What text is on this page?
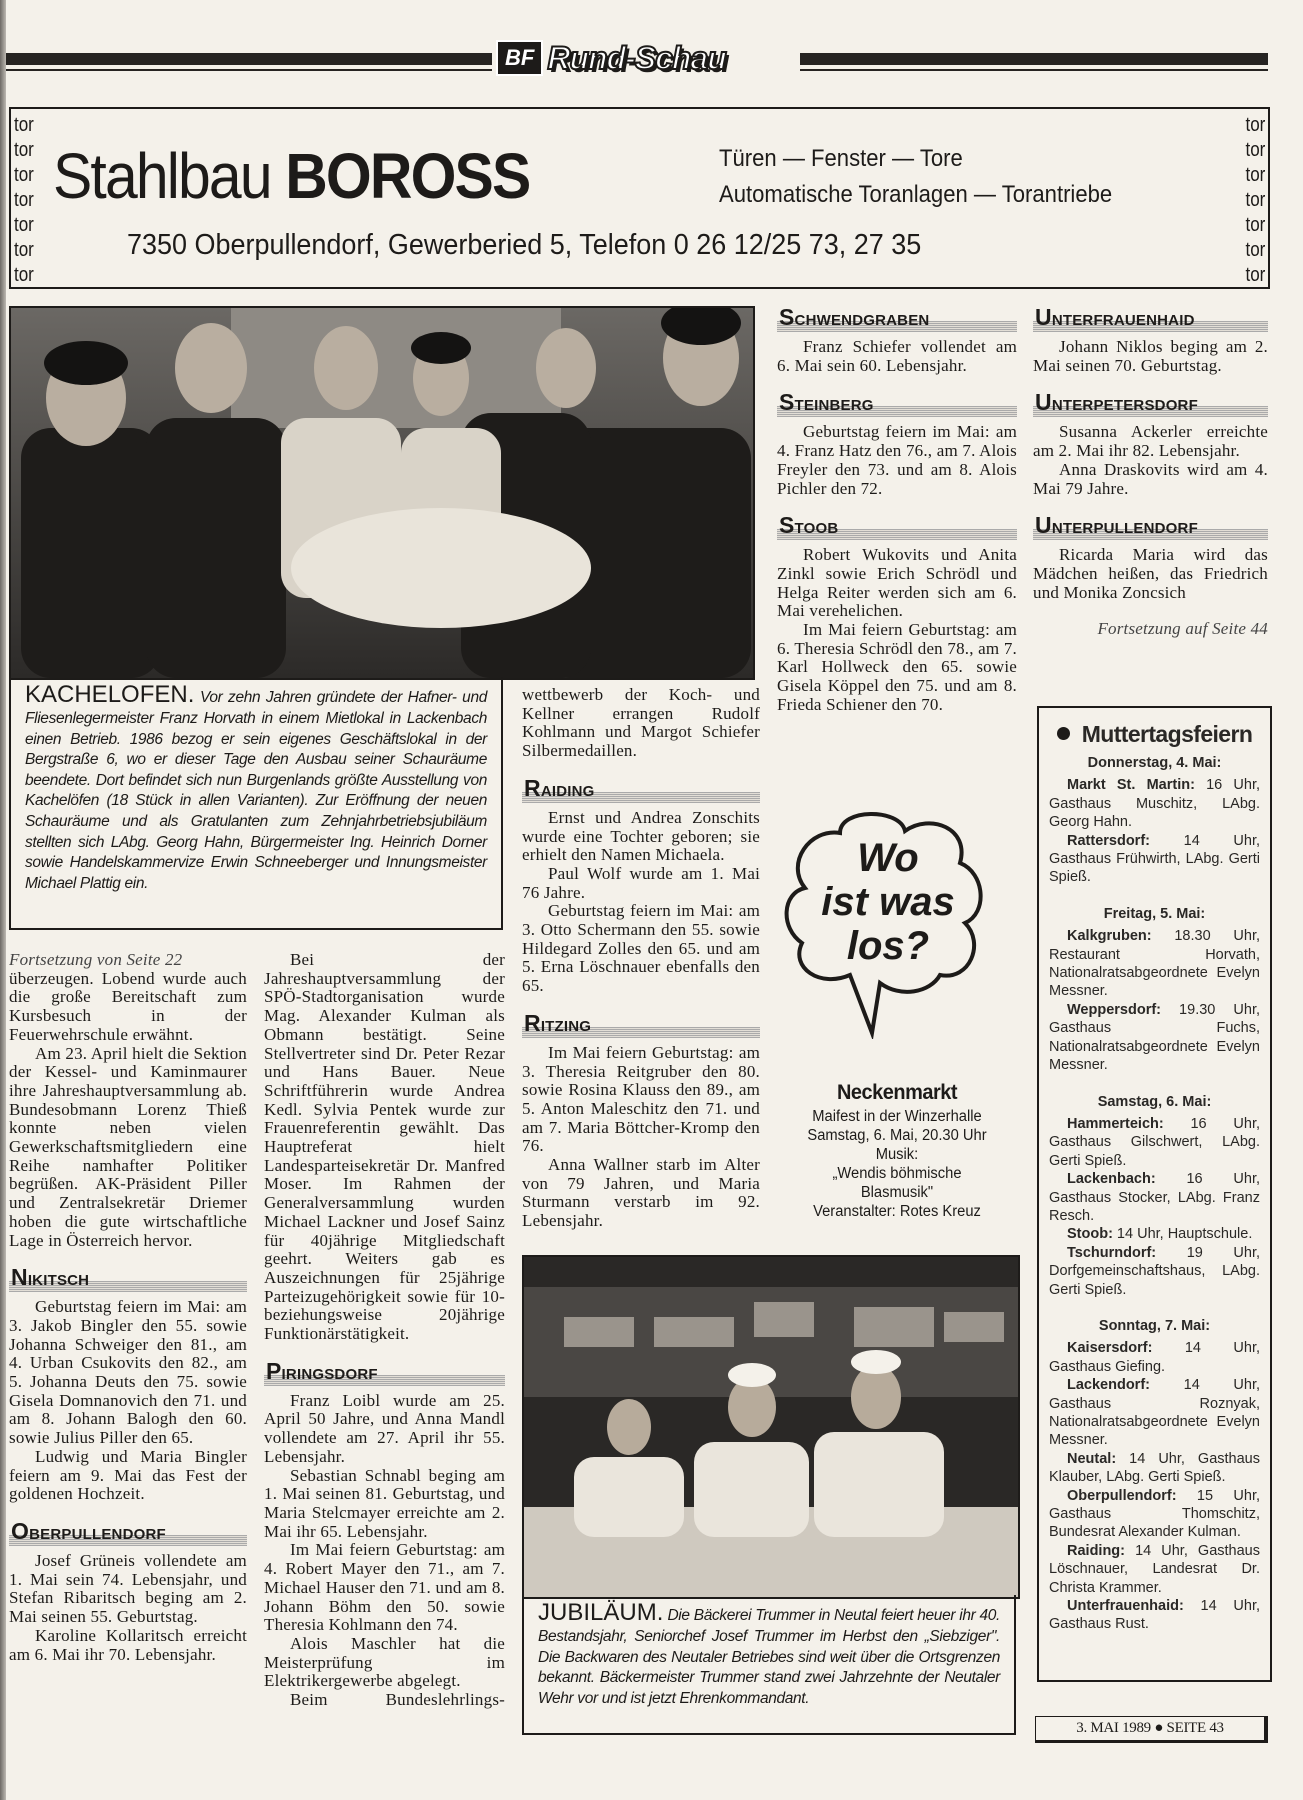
BF Rund-Schau
tor
tor
tor
tor
tor
tor
tor
tor
tor
tor
tor
tor
tor
tor
Stahlbau BOROSS	Türen — Fenster — Tore
Automatische Toranlagen — Torantriebe
7350 Oberpullendorf, Gewerberied 5, Telefon 0 26 12/25 73, 27 35
KACHELOFEN. Vor zehn Jahren gründete der Hafner- und Fliesenlegermeister Franz Horvath in einem Mietlokal in Lackenbach einen Betrieb. 1986 bezog er sein eigenes Geschäftslokal in der Bergstraße 6, wo er dieser Tage den Ausbau seiner Schauräume beendete. Dort befindet sich nun Burgenlands größte Ausstellung von Kachelöfen (18 Stück in allen Varianten). Zur Eröffnung der neuen Schauräume und als Gratulanten zum Zehnjahrbetriebsjubiläum stellten sich LAbg. Georg Hahn, Bürgermeister Ing. Heinrich Dorner sowie Handelskammervize Erwin Schneeberger und Innungsmeister Michael Plattig ein.

Fortsetzung von Seite 22

überzeugen. Lobend wurde auch die große Bereitschaft zum Kursbesuch in der Feuerwehrschule erwähnt.

Am 23. April hielt die Sektion der Kessel- und Kaminmaurer ihre Jahreshauptversammlung ab. Bundesobmann Lorenz Thieß konnte neben vielen Gewerkschaftsmitgliedern eine Reihe namhafter Politiker begrüßen. AK-Präsident Piller und Zentralsekretär Driemer hoben die gute wirtschaftliche Lage in Österreich hervor.

NIKITSCH

Geburtstag feiern im Mai: am 3. Jakob Bingler den 55. sowie Johanna Schweiger den 81., am 4. Urban Csukovits den 82., am 5. Johanna Deuts den 75. sowie Gisela Domnanovich den 71. und am 8. Johann Balogh den 60. sowie Julius Piller den 65.

Ludwig und Maria Bingler feiern am 9. Mai das Fest der goldenen Hochzeit.

OBERPULLENDORF

Josef Grüneis vollendete am 1. Mai sein 74. Lebensjahr, und Stefan Ribaritsch beging am 2. Mai seinen 55. Geburtstag.

Karoline Kollaritsch erreicht am 6. Mai ihr 70. Lebensjahr.

Bei der Jahreshauptversammlung der SPÖ-Stadtorganisation wurde Mag. Alexander Kulman als Obmann bestätigt. Seine Stellvertreter sind Dr. Peter Rezar und Hans Bauer. Neue Schriftführerin wurde Andrea Kedl. Sylvia Pentek wurde zur Frauenreferentin gewählt. Das Hauptreferat hielt Landesparteisekretär Dr. Manfred Moser. Im Rahmen der Generalversammlung wurden Michael Lackner und Josef Sainz für 40jährige Mitgliedschaft geehrt. Weiters gab es Auszeichnungen für 25jährige Parteizugehörigkeit sowie für 10- beziehungsweise 20jährige Funktionärstätigkeit.

PIRINGSDORF

Franz Loibl wurde am 25. April 50 Jahre, und Anna Mandl vollendete am 27. April ihr 55. Lebensjahr.

Sebastian Schnabl beging am 1. Mai seinen 81. Geburtstag, und Maria Stelcmayer erreichte am 2. Mai ihr 65. Lebensjahr.

Im Mai feiern Geburtstag: am 4. Robert Mayer den 71., am 7. Michael Hauser den 71. und am 8. Johann Böhm den 50. sowie Theresia Kohlmann den 74.

Alois Maschler hat die Meisterprüfung im Elektrikergewerbe abgelegt.

Beim Bundeslehrlings-

wettbewerb der Koch- und Kellner errangen Rudolf Kohlmann und Margot Schiefer Silbermedaillen.

RAIDING

Ernst und Andrea Zonschits wurde eine Tochter geboren; sie erhielt den Namen Michaela.

Paul Wolf wurde am 1. Mai 76 Jahre.

Geburtstag feiern im Mai: am 3. Otto Schermann den 55. sowie Hildegard Zolles den 65. und am 5. Erna Löschnauer ebenfalls den 65.

RITZING

Im Mai feiern Geburtstag: am 3. Theresia Reitgruber den 80. sowie Rosina Klauss den 89., am 5. Anton Maleschitz den 71. und am 7. Maria Böttcher-Kromp den 76.

Anna Wallner starb im Alter von 79 Jahren, und Maria Sturmann verstarb im 92. Lebensjahr.

SCHWENDGRABEN

Franz Schiefer vollendet am 6. Mai sein 60. Lebensjahr.

STEINBERG

Geburtstag feiern im Mai: am 4. Franz Hatz den 76., am 7. Alois Freyler den 73. und am 8. Alois Pichler den 72.

STOOB

Robert Wukovits und Anita Zinkl sowie Erich Schrödl und Helga Reiter werden sich am 6. Mai verehelichen.

Im Mai feiern Geburtstag: am 6. Theresia Schrödl den 78., am 7. Karl Hollweck den 65. sowie Gisela Köppel den 75. und am 8. Frieda Schiener den 70.

Wo
ist was
los?
Neckenmarkt
Maifest in der Winzerhalle
Samstag, 6. Mai, 20.30 Uhr
Musik:
„Wendis böhmische
Blasmusik"
Veranstalter: Rotes Kreuz
JUBILÄUM. Die Bäckerei Trummer in Neutal feiert heuer ihr 40. Bestandsjahr, Seniorchef Josef Trummer im Herbst den „Siebziger". Die Backwaren des Neutaler Betriebes sind weit über die Ortsgrenzen bekannt. Bäckermeister Trummer stand zwei Jahrzehnte der Neutaler Wehr vor und ist jetzt Ehrenkommandant.
UNTERFRAUENHAID

Johann Niklos beging am 2. Mai seinen 70. Geburtstag.

UNTERPETERSDORF

Susanna Ackerler erreichte am 2. Mai ihr 82. Lebensjahr.

Anna Draskovits wird am 4. Mai 79 Jahre.

UNTERPULLENDORF

Ricarda Maria wird das Mädchen heißen, das Friedrich und Monika Zoncsich

Fortsetzung auf Seite 44

Muttertagsfeiern
Donnerstag, 4. Mai:

Markt St. Martin: 16 Uhr, Gasthaus Muschitz, LAbg. Georg Hahn.

Rattersdorf: 14 Uhr, Gasthaus Frühwirth, LAbg. Gerti Spieß.

Freitag, 5. Mai:

Kalkgruben: 18.30 Uhr, Restaurant Horvath, Nationalratsabgeordnete Evelyn Messner.

Weppersdorf: 19.30 Uhr, Gasthaus Fuchs, Nationalratsabgeordnete Evelyn Messner.

Samstag, 6. Mai:

Hammerteich: 16 Uhr, Gasthaus Gilschwert, LAbg. Gerti Spieß.

Lackenbach: 16 Uhr, Gasthaus Stocker, LAbg. Franz Resch.

Stoob: 14 Uhr, Hauptschule.

Tschurndorf: 19 Uhr, Dorfgemeinschaftshaus, LAbg. Gerti Spieß.

Sonntag, 7. Mai:

Kaisersdorf: 14 Uhr, Gasthaus Giefing.

Lackendorf: 14 Uhr, Gasthaus Roznyak, Nationalratsabgeordnete Evelyn Messner.

Neutal: 14 Uhr, Gasthaus Klauber, LAbg. Gerti Spieß.

Oberpullendorf: 15 Uhr, Gasthaus Thomschitz, Bundesrat Alexander Kulman.

Raiding: 14 Uhr, Gasthaus Löschnauer, Landesrat Dr. Christa Krammer.

Unterfrauenhaid: 14 Uhr, Gasthaus Rust.

3. MAI 1989 ● SEITE 43
